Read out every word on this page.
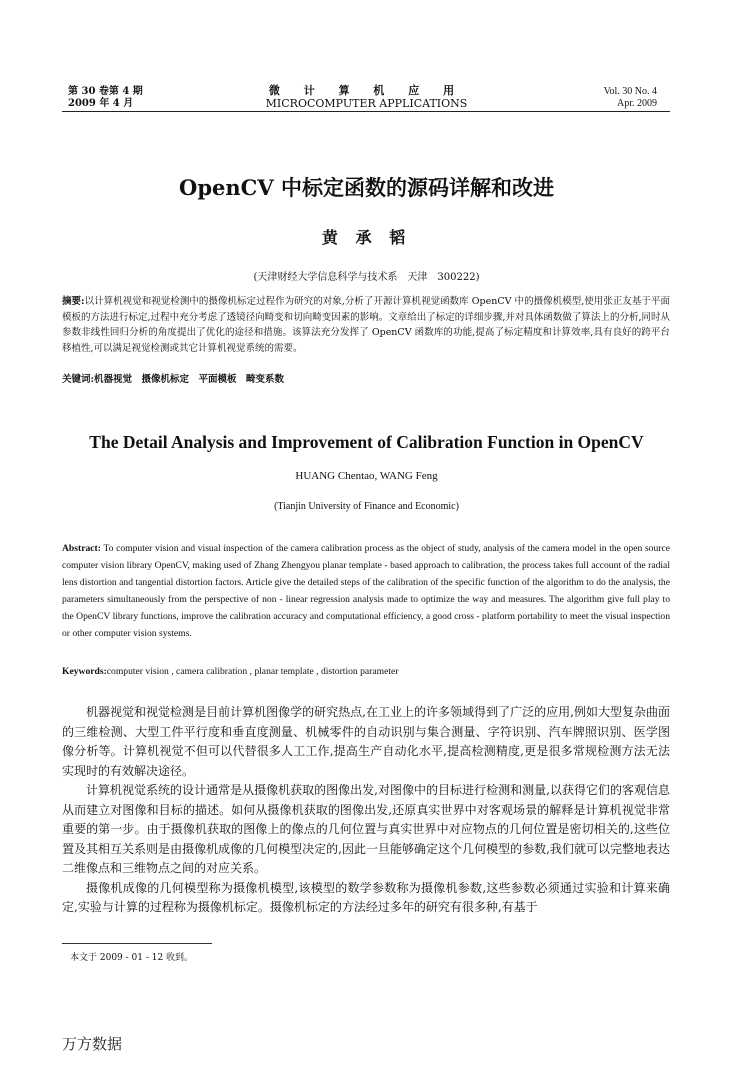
第 30 卷第 4 期
2009 年 4 月
微 计 算 机 应 用
MICROCOMPUTER APPLICATIONS
Vol. 30 No. 4
Apr. 2009
OpenCV 中标定函数的源码详解和改进
黄 承 韬
(天津财经大学信息科学与技术系　天津　300222)
摘要:以计算机视觉和视觉检测中的摄像机标定过程作为研究的对象,分析了开源计算机视觉函数库 OpenCV 中的摄像机模型,使用张正友基于平面模板的方法进行标定,过程中充分考虑了透镜径向畸变和切向畸变因素的影响。文章给出了标定的详细步骤,并对具体函数做了算法上的分析,同时从参数非线性回归分析的角度提出了优化的途径和措施。该算法充分发挥了 OpenCV 函数库的功能,提高了标定精度和计算效率,具有良好的跨平台移植性,可以满足视觉检测或其它计算机视觉系统的需要。
关键词:机器视觉　摄像机标定　平面模板　畸变系数
The Detail Analysis and Improvement of Calibration Function in OpenCV
HUANG Chentao, WANG Feng
(Tianjin University of Finance and Economic)
Abstract: To computer vision and visual inspection of the camera calibration process as the object of study, analysis of the camera model in the open source computer vision library OpenCV, making used of Zhang Zhengyou planar template - based approach to calibration, the process takes full account of the radial lens distortion and tangential distortion factors. Article give the detailed steps of the calibration of the specific function of the algorithm to do the analysis, the parameters simultaneously from the perspective of non - linear regression analysis made to optimize the way and measures. The algorithm give full play to the OpenCV library functions, improve the calibration accuracy and computational efficiency, a good cross - platform portability to meet the visual inspection or other computer vision systems.
Keywords:computer vision , camera calibration , planar template , distortion parameter

机器视觉和视觉检测是目前计算机图像学的研究热点,在工业上的许多领域得到了广泛的应用,例如大型复杂曲面的三维检测、大型工件平行度和垂直度测量、机械零件的自动识别与集合测量、字符识别、汽车牌照识别、医学图像分析等。计算机视觉不但可以代替很多人工工作,提高生产自动化水平,提高检测精度,更是很多常规检测方法无法实现时的有效解决途径。

计算机视觉系统的设计通常是从摄像机获取的图像出发,对图像中的目标进行检测和测量,以获得它们的客观信息从而建立对图像和目标的描述。如何从摄像机获取的图像出发,还原真实世界中对客观场景的解释是计算机视觉非常重要的第一步。由于摄像机获取的图像上的像点的几何位置与真实世界中对应物点的几何位置是密切相关的,这些位置及其相互关系则是由摄像机成像的几何模型决定的,因此一旦能够确定这个几何模型的参数,我们就可以完整地表达二维像点和三维物点之间的对应关系。

摄像机成像的几何模型称为摄像机模型,该模型的数学参数称为摄像机参数,这些参数必须通过实验和计算来确定,实验与计算的过程称为摄像机标定。摄像机标定的方法经过多年的研究有很多种,有基于

本文于 2009 - 01 - 12 收到。
万方数据
